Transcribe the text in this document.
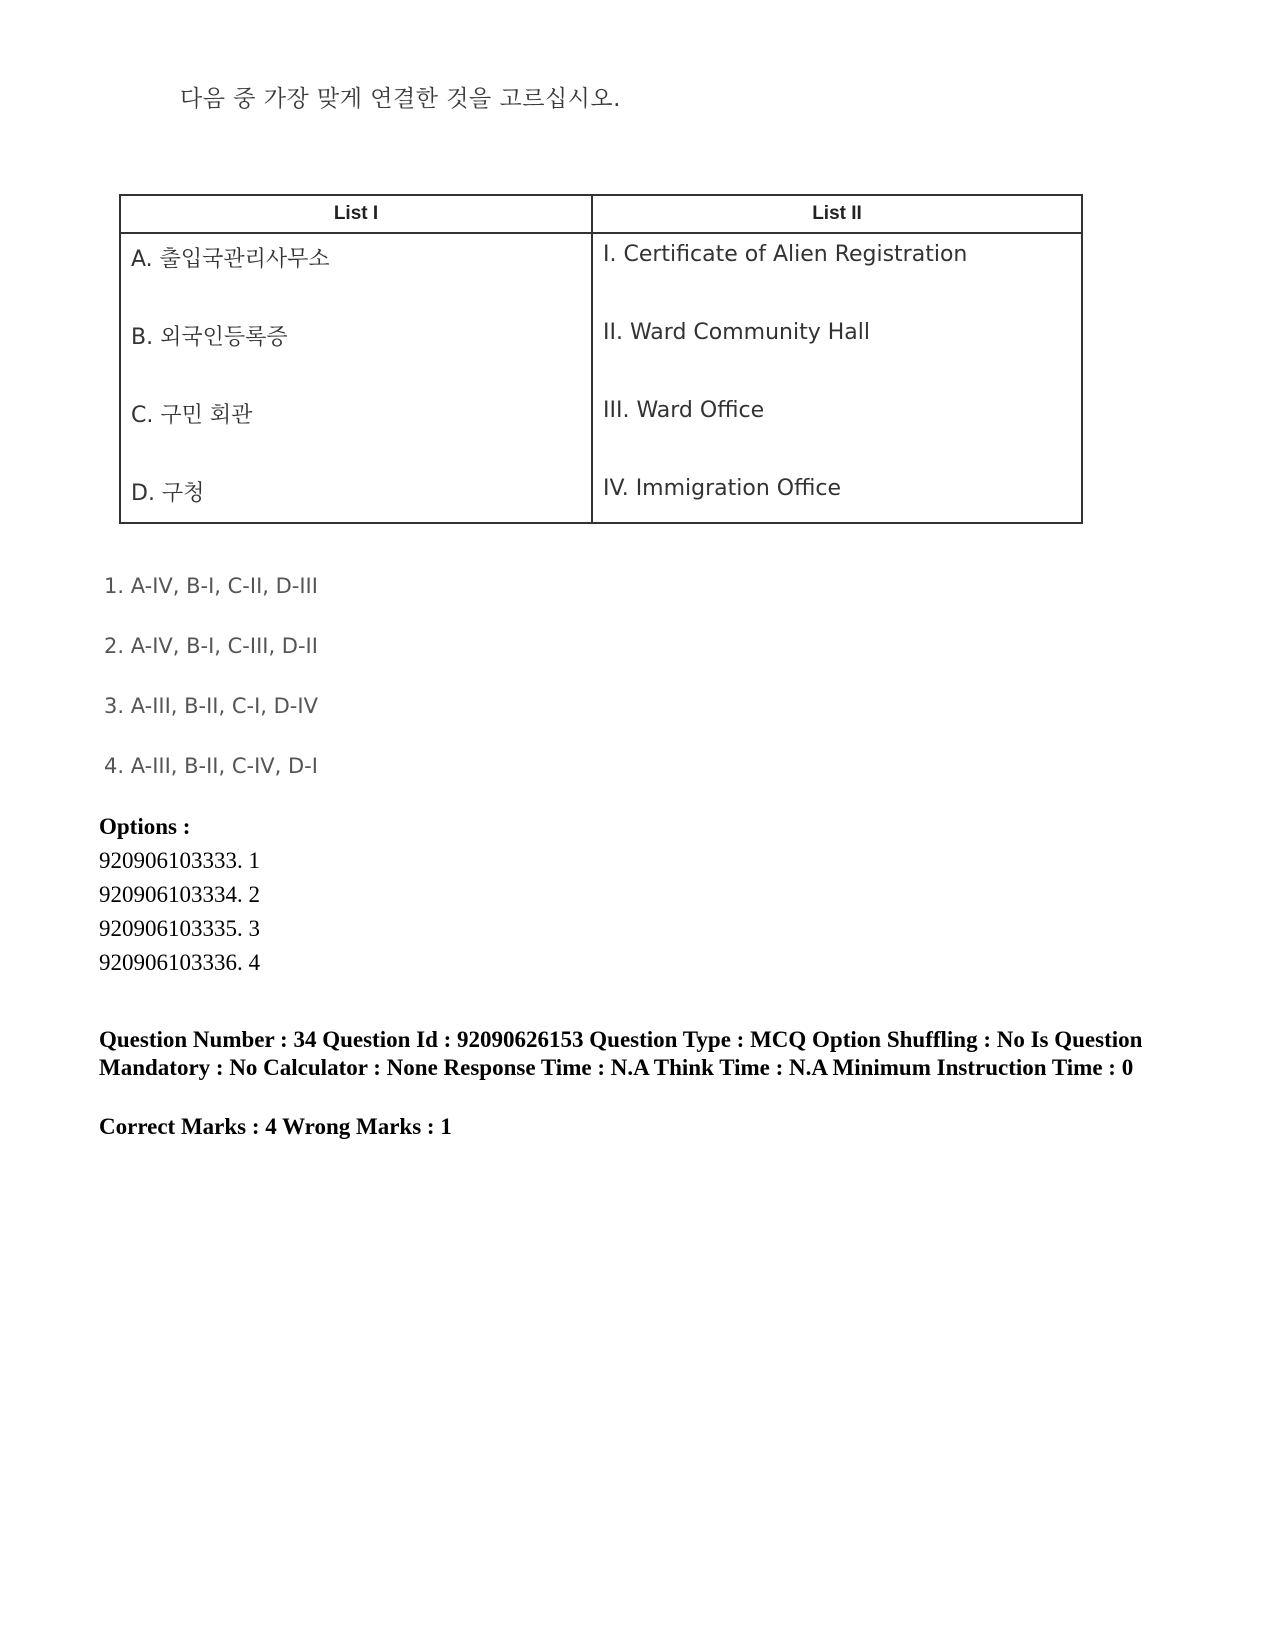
다음 중 가장 맞게 연결한 것을 고르십시오.
List I	List II
A. 출입국관리사무소	I. Certificate of Alien Registration
B. 외국인등록증	II. Ward Community Hall
C. 구민 회관	III. Ward Office
D. 구청	IV. Immigration Office
1. A-IV, B-I, C-II, D-III
2. A-IV, B-I, C-III, D-II
3. A-III, B-II, C-I, D-IV
4. A-III, B-II, C-IV, D-I
Options :
920906103333. 1
920906103334. 2
920906103335. 3
920906103336. 4
Question Number : 34 Question Id : 92090626153 Question Type : MCQ Option Shuffling : No Is Question Mandatory : No Calculator : None Response Time : N.A Think Time : N.A Minimum Instruction Time : 0
Correct Marks : 4 Wrong Marks : 1
